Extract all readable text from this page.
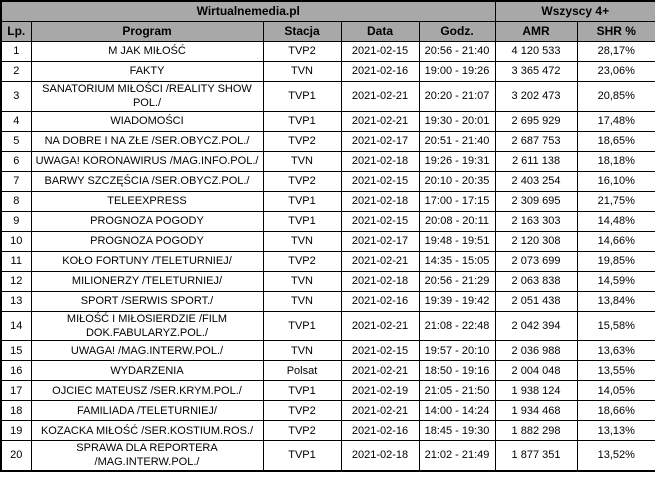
Wirtualnemedia.pl					Wszyscy 4+	
Lp.	Program	Stacja	Data	Godz.	AMR	SHR %
1	M JAK MIŁOŚĆ	TVP2	2021-02-15	20:56 - 21:40	4 120 533	28,17%
2	FAKTY	TVN	2021-02-16	19:00 - 19:26	3 365 472	23,06%
3	SANATORIUM MIŁOŚCI /REALITY SHOW POL./	TVP1	2021-02-21	20:20 - 21:07	3 202 473	20,85%
4	WIADOMOŚCI	TVP1	2021-02-21	19:30 - 20:01	2 695 929	17,48%
5	NA DOBRE I NA ZŁE /SER.OBYCZ.POL./	TVP2	2021-02-17	20:51 - 21:40	2 687 753	18,65%
6	UWAGA! KORONAWIRUS /MAG.INFO.POL./	TVN	2021-02-18	19:26 - 19:31	2 611 138	18,18%
7	BARWY SZCZĘŚCIA /SER.OBYCZ.POL./	TVP2	2021-02-15	20:10 - 20:35	2 403 254	16,10%
8	TELEEXPRESS	TVP1	2021-02-18	17:00 - 17:15	2 309 695	21,75%
9	PROGNOZA POGODY	TVP1	2021-02-15	20:08 - 20:11	2 163 303	14,48%
10	PROGNOZA POGODY	TVN	2021-02-17	19:48 - 19:51	2 120 308	14,66%
11	KOŁO FORTUNY /TELETURNIEJ/	TVP2	2021-02-21	14:35 - 15:05	2 073 699	19,85%
12	MILIONERZY /TELETURNIEJ/	TVN	2021-02-18	20:56 - 21:29	2 063 838	14,59%
13	SPORT /SERWIS SPORT./	TVN	2021-02-16	19:39 - 19:42	2 051 438	13,84%
14	MIŁOŚĆ I MIŁOSIERDZIE /FILM DOK.FABULARYZ.POL./	TVP1	2021-02-21	21:08 - 22:48	2 042 394	15,58%
15	UWAGA! /MAG.INTERW.POL./	TVN	2021-02-15	19:57 - 20:10	2 036 988	13,63%
16	WYDARZENIA	Polsat	2021-02-21	18:50 - 19:16	2 004 048	13,55%
17	OJCIEC MATEUSZ /SER.KRYM.POL./	TVP1	2021-02-19	21:05 - 21:50	1 938 124	14,05%
18	FAMILIADA /TELETURNIEJ/	TVP2	2021-02-21	14:00 - 14:24	1 934 468	18,66%
19	KOZACKA MIŁOŚĆ /SER.KOSTIUM.ROS./	TVP2	2021-02-16	18:45 - 19:30	1 882 298	13,13%
20	SPRAWA DLA REPORTERA /MAG.INTERW.POL./	TVP1	2021-02-18	21:02 - 21:49	1 877 351	13,52%
